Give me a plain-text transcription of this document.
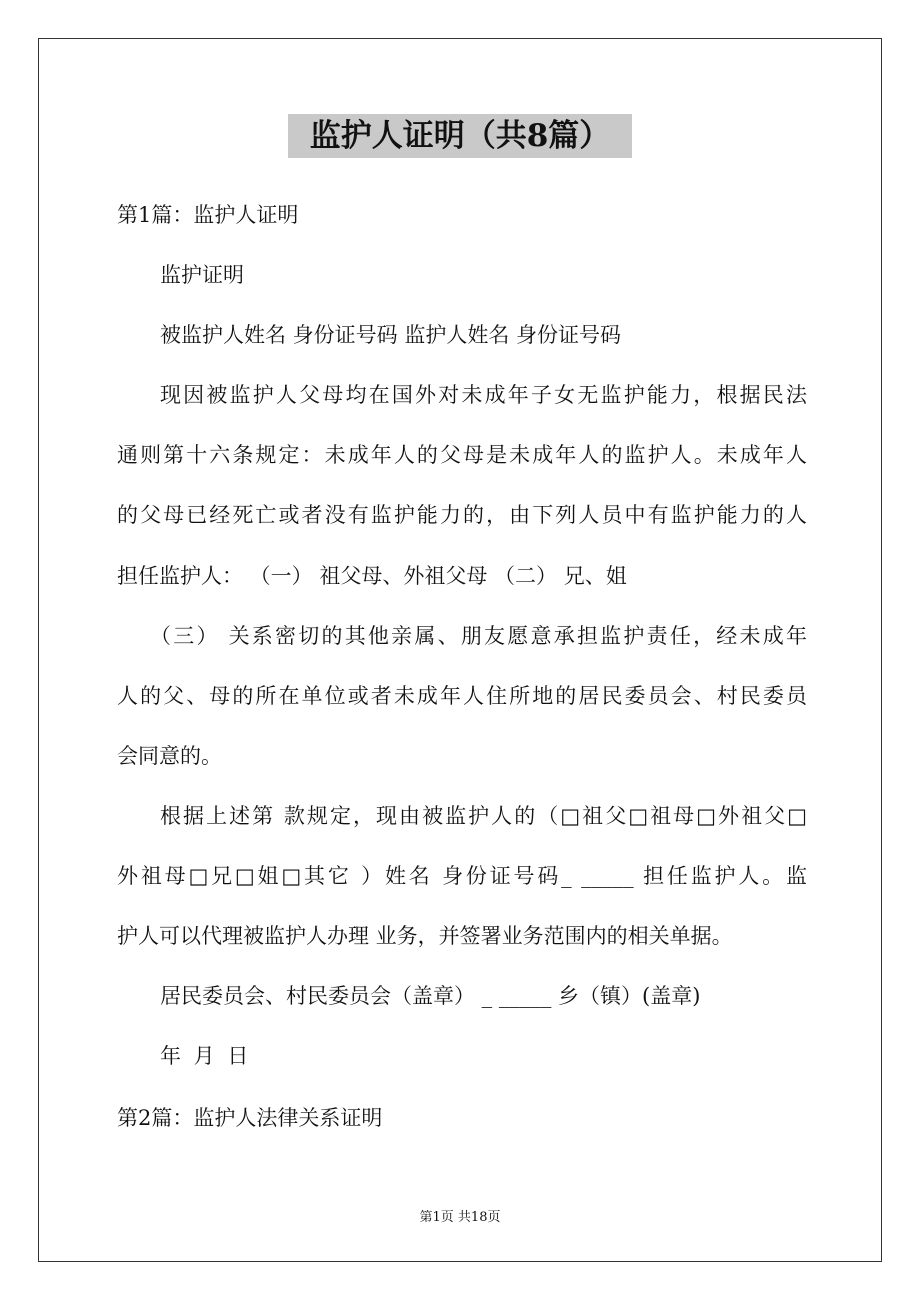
监护人证明（共8篇）
第1篇：监护人证明
监护证明
被监护人姓名 身份证号码 监护人姓名 身份证号码
现因被监护人父母均在国外对未成年子女无监护能力，根据民法
通则第十六条规定：未成年人的父母是未成年人的监护人。未成年人
的父母已经死亡或者没有监护能力的，由下列人员中有监护能力的人
担任监护人： （一） 祖父母、外祖父母 （二） 兄、姐
（三） 关系密切的其他亲属、朋友愿意承担监护责任，经未成年
人的父、母的所在单位或者未成年人住所地的居民委员会、村民委员
会同意的。
根据上述第 款规定，现由被监护人的（□祖父□祖母□外祖父□
外祖母□兄□姐□其它 ）姓名 身份证号码_ _____ 担任监护人。监
护人可以代理被监护人办理 业务，并签署业务范围内的相关单据。
居民委员会、村民委员会（盖章） _ _____ 乡（镇）(盖章)
年 月 日
第2篇：监护人法律关系证明
第1页 共18页
